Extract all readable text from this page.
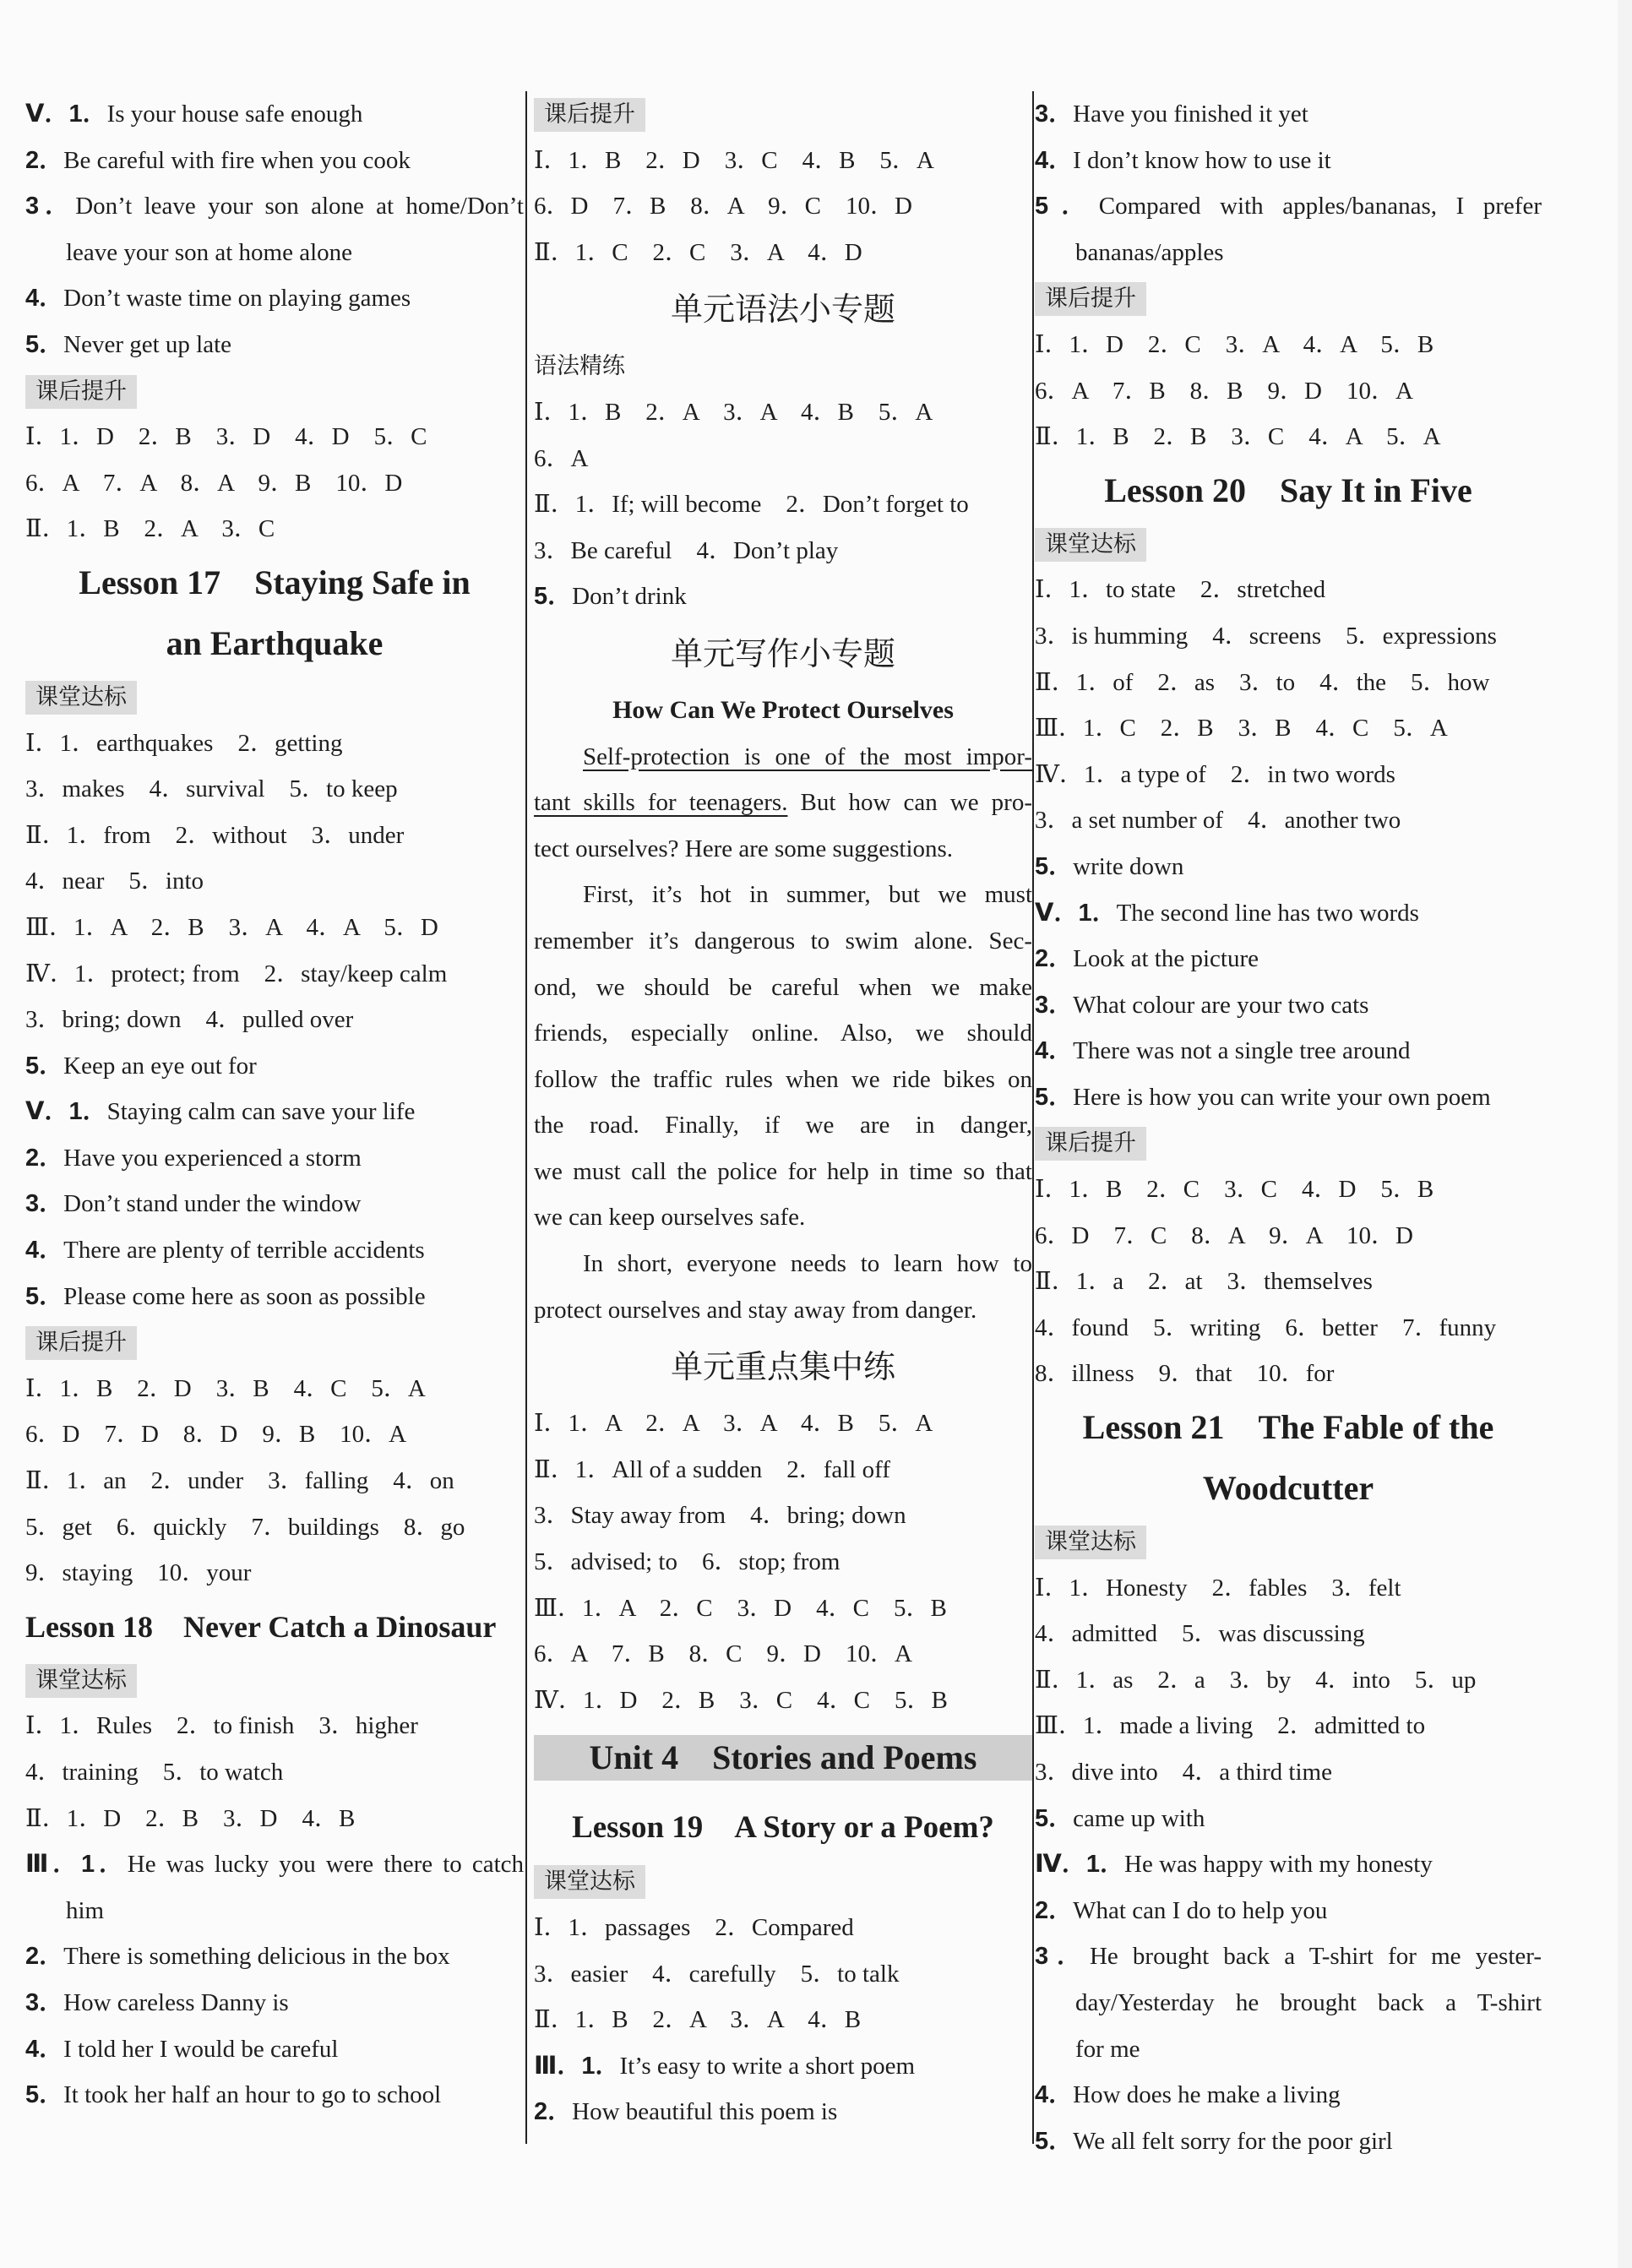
Ⅴ．1．Is your house safe enough
2．Be careful with fire when you cook
3．Don’t leave your son alone at home/Don’t
leave your son at home alone
4．Don’t waste time on playing games
5．Never get up late
课后提升
Ⅰ．1．D　2．B　3．D　4．D　5．C
6．A　7．A　8．A　9．B　10．D
Ⅱ．1．B　2．A　3．C
Lesson 17　Staying Safe in
an Earthquake
课堂达标
Ⅰ．1．earthquakes　2．getting
3．makes　4．survival　5．to keep
Ⅱ．1．from　2．without　3．under
4．near　5．into
Ⅲ．1．A　2．B　3．A　4．A　5．D
Ⅳ．1．protect; from　2．stay/keep calm
3．bring; down　4．pulled over
5．Keep an eye out for
Ⅴ．1．Staying calm can save your life
2．Have you experienced a storm
3．Don’t stand under the window
4．There are plenty of terrible accidents
5．Please come here as soon as possible
课后提升
Ⅰ．1．B　2．D　3．B　4．C　5．A
6．D　7．D　8．D　9．B　10．A
Ⅱ．1．an　2．under　3．falling　4．on
5．get　6．quickly　7．buildings　8．go
9．staying　10．your
Lesson 18　Never Catch a Dinosaur
课堂达标
Ⅰ．1．Rules　2．to finish　3．higher
4．training　5．to watch
Ⅱ．1．D　2．B　3．D　4．B
Ⅲ．1．He was lucky you were there to catch
him
2．There is something delicious in the box
3．How careless Danny is
4．I told her I would be careful
5．It took her half an hour to go to school
课后提升
Ⅰ．1．B　2．D　3．C　4．B　5．A
6．D　7．B　8．A　9．C　10．D
Ⅱ．1．C　2．C　3．A　4．D
单元语法小专题
语法精练
Ⅰ．1．B　2．A　3．A　4．B　5．A
6．A
Ⅱ．1．If; will become　2．Don’t forget to
3．Be careful　4．Don’t play
5．Don’t drink
单元写作小专题
How Can We Protect Ourselves
Self-protection is one of the most impor-
tant skills for teenagers. But how can we pro-
tect ourselves? Here are some suggestions.
First, it’s hot in summer, but we must
remember it’s dangerous to swim alone. Sec-
ond, we should be careful when we make
friends, especially online. Also, we should
follow the traffic rules when we ride bikes on
the road. Finally, if we are in danger,
we must call the police for help in time so that
we can keep ourselves safe.
In short, everyone needs to learn how to
protect ourselves and stay away from danger.
单元重点集中练
Ⅰ．1．A　2．A　3．A　4．B　5．A
Ⅱ．1．All of a sudden　2．fall off
3．Stay away from　4．bring; down
5．advised; to　6．stop; from
Ⅲ．1．A　2．C　3．D　4．C　5．B
6．A　7．B　8．C　9．D　10．A
Ⅳ．1．D　2．B　3．C　4．C　5．B
Unit 4　Stories and Poems
Lesson 19　A Story or a Poem?
课堂达标
Ⅰ．1．passages　2．Compared
3．easier　4．carefully　5．to talk
Ⅱ．1．B　2．A　3．A　4．B
Ⅲ．1．It’s easy to write a short poem
2．How beautiful this poem is
3．Have you finished it yet
4．I don’t know how to use it
5．Compared with apples/bananas, I prefer
bananas/apples
课后提升
Ⅰ．1．D　2．C　3．A　4．A　5．B
6．A　7．B　8．B　9．D　10．A
Ⅱ．1．B　2．B　3．C　4．A　5．A
Lesson 20　Say It in Five
课堂达标
Ⅰ．1．to state　2．stretched
3．is humming　4．screens　5．expressions
Ⅱ．1．of　2．as　3．to　4．the　5．how
Ⅲ．1．C　2．B　3．B　4．C　5．A
Ⅳ．1．a type of　2．in two words
3．a set number of　4．another two
5．write down
Ⅴ．1．The second line has two words
2．Look at the picture
3．What colour are your two cats
4．There was not a single tree around
5．Here is how you can write your own poem
课后提升
Ⅰ．1．B　2．C　3．C　4．D　5．B
6．D　7．C　8．A　9．A　10．D
Ⅱ．1．a　2．at　3．themselves
4．found　5．writing　6．better　7．funny
8．illness　9．that　10．for
Lesson 21　The Fable of the
Woodcutter
课堂达标
Ⅰ．1．Honesty　2．fables　3．felt
4．admitted　5．was discussing
Ⅱ．1．as　2．a　3．by　4．into　5．up
Ⅲ．1．made a living　2．admitted to
3．dive into　4．a third time
5．came up with
Ⅳ．1．He was happy with my honesty
2．What can I do to help you
3．He brought back a T-shirt for me yester-
day/Yesterday he brought back a T-shirt
for me
4．How does he make a living
5．We all felt sorry for the poor girl
